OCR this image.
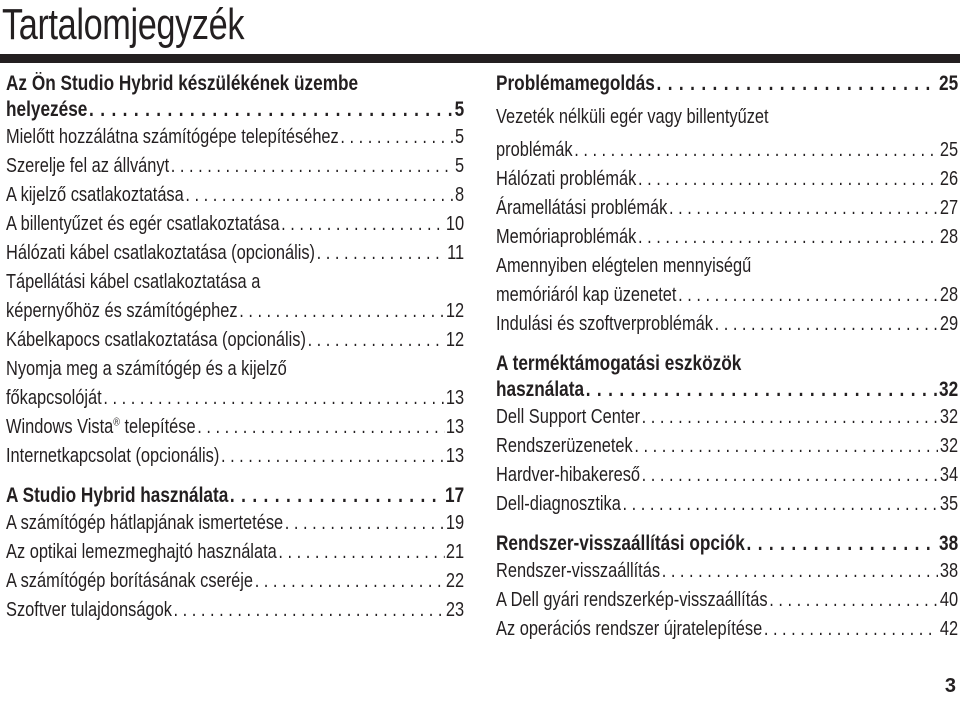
Tartalomjegyzék
Az Ön Studio Hybrid készülékének üzembe
helyezése . . .	5
Mielőtt hozzálátna számítógépe telepítéséhez . . .	5
Szerelje fel az állványt . . .	5
A kijelző csatlakoztatása . . .	8
A billentyűzet és egér csatlakoztatása . . .	10
Hálózati kábel csatlakoztatása (opcionális) . . .	11
Tápellátási kábel csatlakoztatása a
képernyőhöz és számítógéphez . . .	12
Kábelkapocs csatlakoztatása (opcionális) . . .	12
Nyomja meg a számítógép és a kijelző
főkapcsolóját . . .	13
Windows Vista® telepítése . . .	13
Internetkapcsolat (opcionális) . . .	13
A Studio Hybrid használata . . .	17
A számítógép hátlapjának ismertetése . . .	19
Az optikai lemezmeghajtó használata . . .	21
A számítógép borításának cseréje . . .	22
Szoftver tulajdonságok . . .	23
Problémamegoldás . . .	25
Vezeték nélküli egér vagy billentyűzet
problémák . . .	25
Hálózati problémák . . .	26
Áramellátási problémák . . .	27
Memóriaproblémák . . .	28
Amennyiben elégtelen mennyiségű
memóriáról kap üzenetet . . .	28
Indulási és szoftverproblémák . . .	29
A terméktámogatási eszközök
használata . . .	32
Dell Support Center . . .	32
Rendszerüzenetek . . .	32
Hardver-hibakereső . . .	34
Dell-diagnosztika . . .	35
Rendszer-visszaállítási opciók . . .	38
Rendszer-visszaállítás . . .	38
A Dell gyári rendszerkép-visszaállítás . . .	40
Az operációs rendszer újratelepítése . . .	42
3
